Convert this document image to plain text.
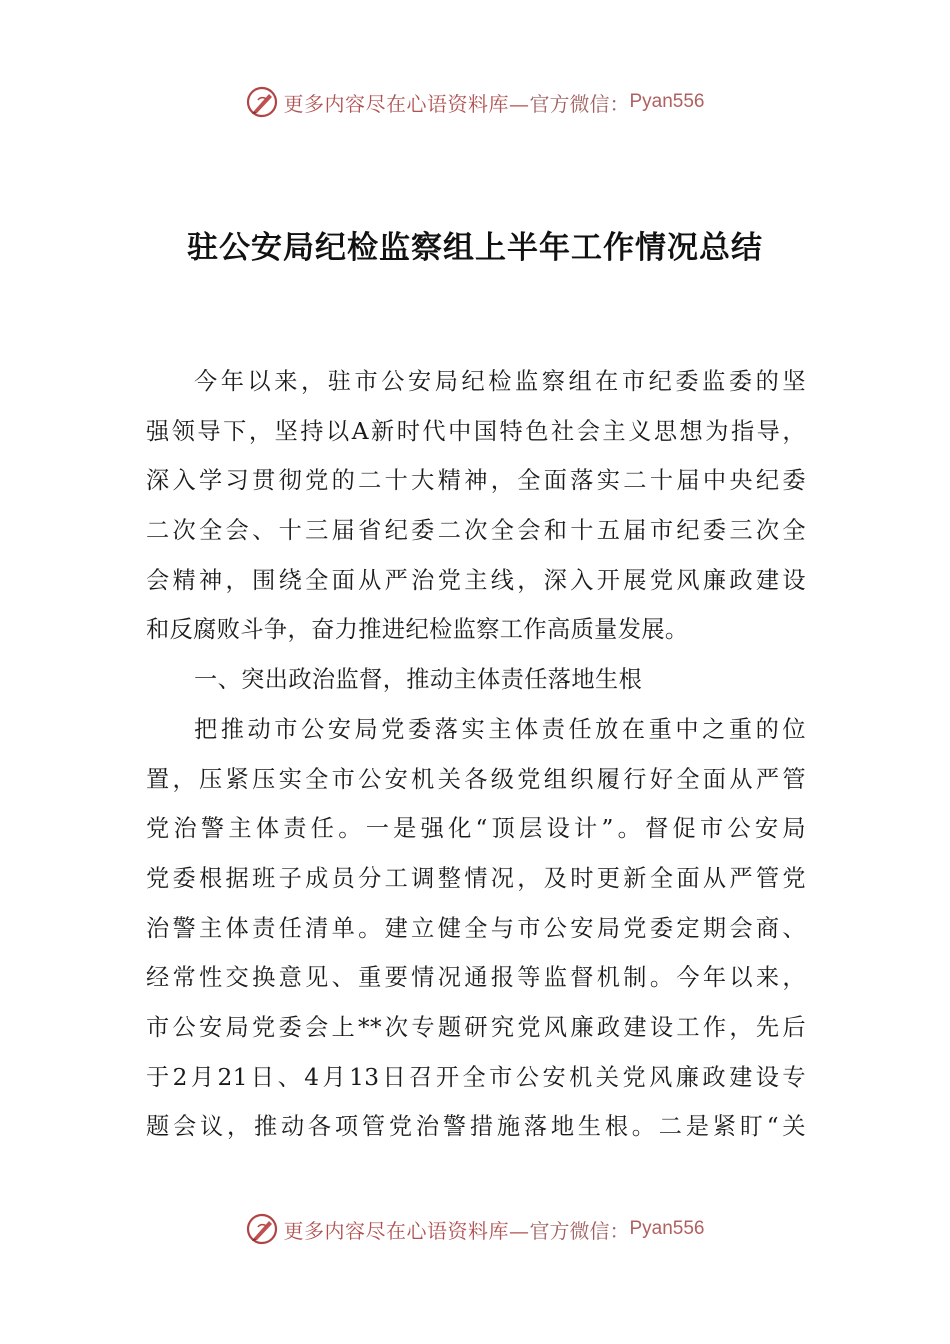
更多内容尽在心语资料库— 官方微信： Pyan556
驻公安局纪检监察组上半年工作情况总结
今年以来，驻市公安局纪检监察组在市纪委监委的坚
强领导下，坚持以A新时代中国特色社会主义思想为指导，
深入学习贯彻党的二十大精神，全面落实二十届中央纪委
二次全会、十三届省纪委二次全会和十五届市纪委三次全
会精神，围绕全面从严治党主线，深入开展党风廉政建设
和反腐败斗争，奋力推进纪检监察工作高质量发展。
一、突出政治监督，推动主体责任落地生根
把推动市公安局党委落实主体责任放在重中之重的位
置，压紧压实全市公安机关各级党组织履行好全面从严管
党治警主体责任。一是强化“顶层设计”。督促市公安局
党委根据班子成员分工调整情况，及时更新全面从严管党
治警主体责任清单。建立健全与市公安局党委定期会商、
经常性交换意见、重要情况通报等监督机制。今年以来，
市公安局党委会上**次专题研究党风廉政建设工作，先后
于2月21日、4月13日召开全市公安机关党风廉政建设专
题会议，推动各项管党治警措施落地生根。二是紧盯“关
更多内容尽在心语资料库— 官方微信： Pyan556
